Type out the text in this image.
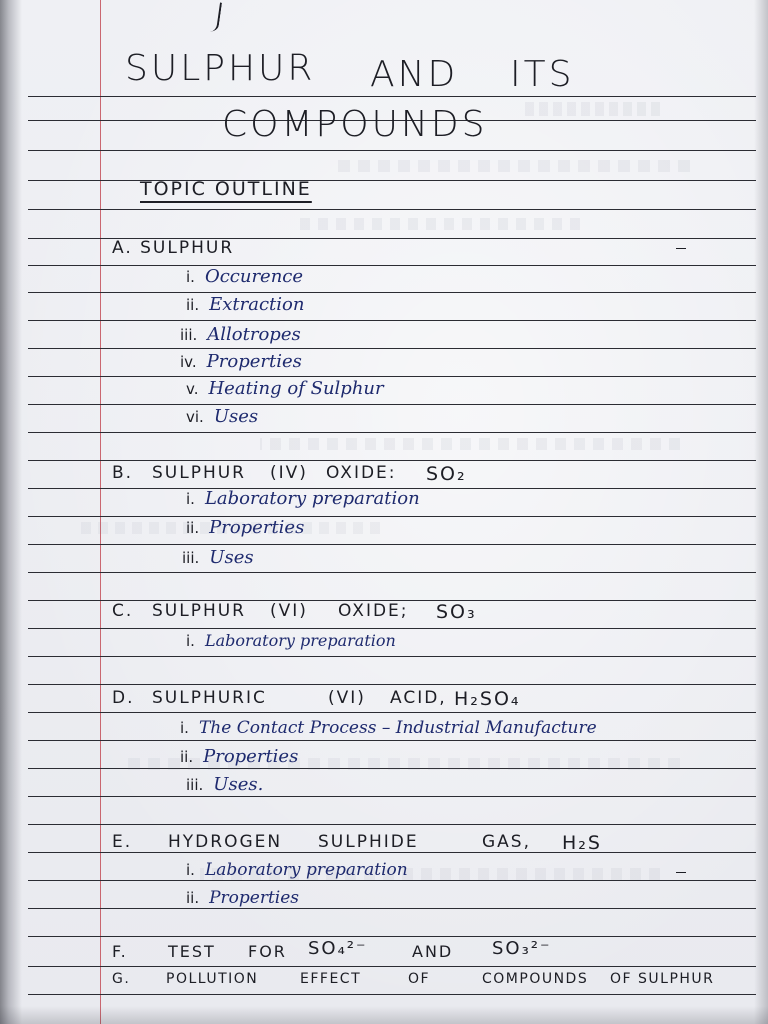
SULPHUR AND ITS
COMPOUNDS
TOPIC OUTLINE
A. SULPHUR
i. Occurence
ii. Extraction
iii. Allotropes
iv. Properties
v. Heating of Sulphur
vi. Uses
B. SULPHUR (IV) OXIDE: SO₂
i. Laboratory preparation
ii. Properties
iii. Uses
C. SULPHUR (VI) OXIDE; SO₃
i. Laboratory preparation
D. SULPHURIC	(VI) ACID, H₂SO₄
i. The Contact Process – Industrial Manufacture
ii. Properties
iii. Uses.
E. HYDROGEN SULPHIDE	GAS, H₂S
i. Laboratory preparation
ii. Properties
F.	TEST FOR SO₄²⁻	AND SO₃²⁻
G.	POLLUTION	EFFECT	OF	COMPOUNDS OF SULPHUR
